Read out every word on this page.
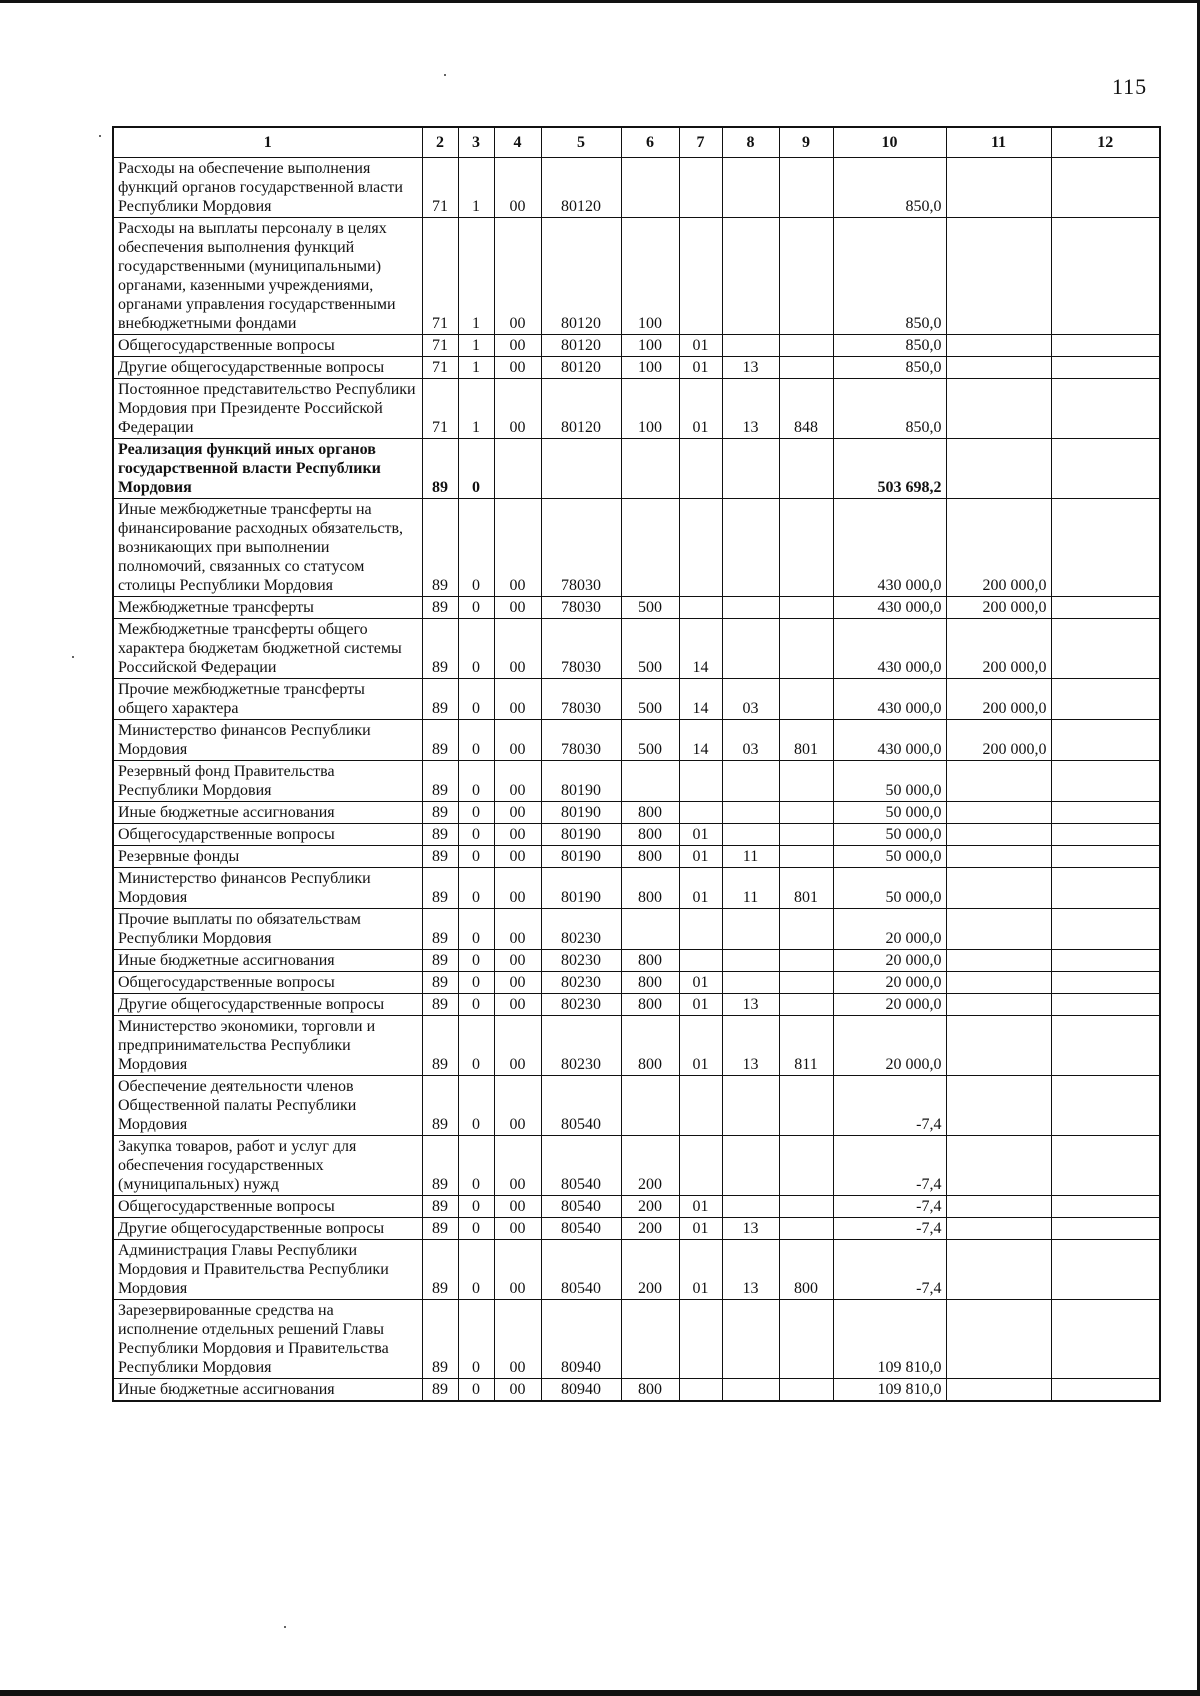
115
1	2	3	4	5	6	7	8	9	10	11	12
Расходы на обеспечение выполнения функций органов государственной власти Республики Мордовия	71	1	00	80120					850,0		
Расходы на выплаты персоналу в целях обеспечения выполнения функций государственными (муниципальными) органами, казенными учреждениями, органами управления государственными внебюджетными фондами	71	1	00	80120	100				850,0		
Общегосударственные вопросы	71	1	00	80120	100	01			850,0		
Другие общегосударственные вопросы	71	1	00	80120	100	01	13		850,0		
Постоянное представительство Республики Мордовия при Президенте Российской Федерации	71	1	00	80120	100	01	13	848	850,0		
Реализация функций иных органов государственной власти Республики Мордовия	89	0							503 698,2		
Иные межбюджетные трансферты на финансирование расходных обязательств, возникающих при выполнении полномочий, связанных со статусом столицы Республики Мордовия	89	0	00	78030					430 000,0	200 000,0	
Межбюджетные трансферты	89	0	00	78030	500				430 000,0	200 000,0	
Межбюджетные трансферты общего характера бюджетам бюджетной системы Российской Федерации	89	0	00	78030	500	14			430 000,0	200 000,0	
Прочие межбюджетные трансферты общего характера	89	0	00	78030	500	14	03		430 000,0	200 000,0	
Министерство финансов Республики Мордовия	89	0	00	78030	500	14	03	801	430 000,0	200 000,0	
Резервный фонд Правительства Республики Мордовия	89	0	00	80190					50 000,0		
Иные бюджетные ассигнования	89	0	00	80190	800				50 000,0		
Общегосударственные вопросы	89	0	00	80190	800	01			50 000,0		
Резервные фонды	89	0	00	80190	800	01	11		50 000,0		
Министерство финансов Республики Мордовия	89	0	00	80190	800	01	11	801	50 000,0		
Прочие выплаты по обязательствам Республики Мордовия	89	0	00	80230					20 000,0		
Иные бюджетные ассигнования	89	0	00	80230	800				20 000,0		
Общегосударственные вопросы	89	0	00	80230	800	01			20 000,0		
Другие общегосударственные вопросы	89	0	00	80230	800	01	13		20 000,0		
Министерство экономики, торговли и предпринимательства Республики Мордовия	89	0	00	80230	800	01	13	811	20 000,0		
Обеспечение деятельности членов Общественной палаты Республики Мордовия	89	0	00	80540					-7,4		
Закупка товаров, работ и услуг для обеспечения государственных (муниципальных) нужд	89	0	00	80540	200				-7,4		
Общегосударственные вопросы	89	0	00	80540	200	01			-7,4		
Другие общегосударственные вопросы	89	0	00	80540	200	01	13		-7,4		
Администрация Главы Республики Мордовия и Правительства Республики Мордовия	89	0	00	80540	200	01	13	800	-7,4		
Зарезервированные средства на исполнение отдельных решений Главы Республики Мордовия и Правительства Республики Мордовия	89	0	00	80940					109 810,0		
Иные бюджетные ассигнования	89	0	00	80940	800				109 810,0		
